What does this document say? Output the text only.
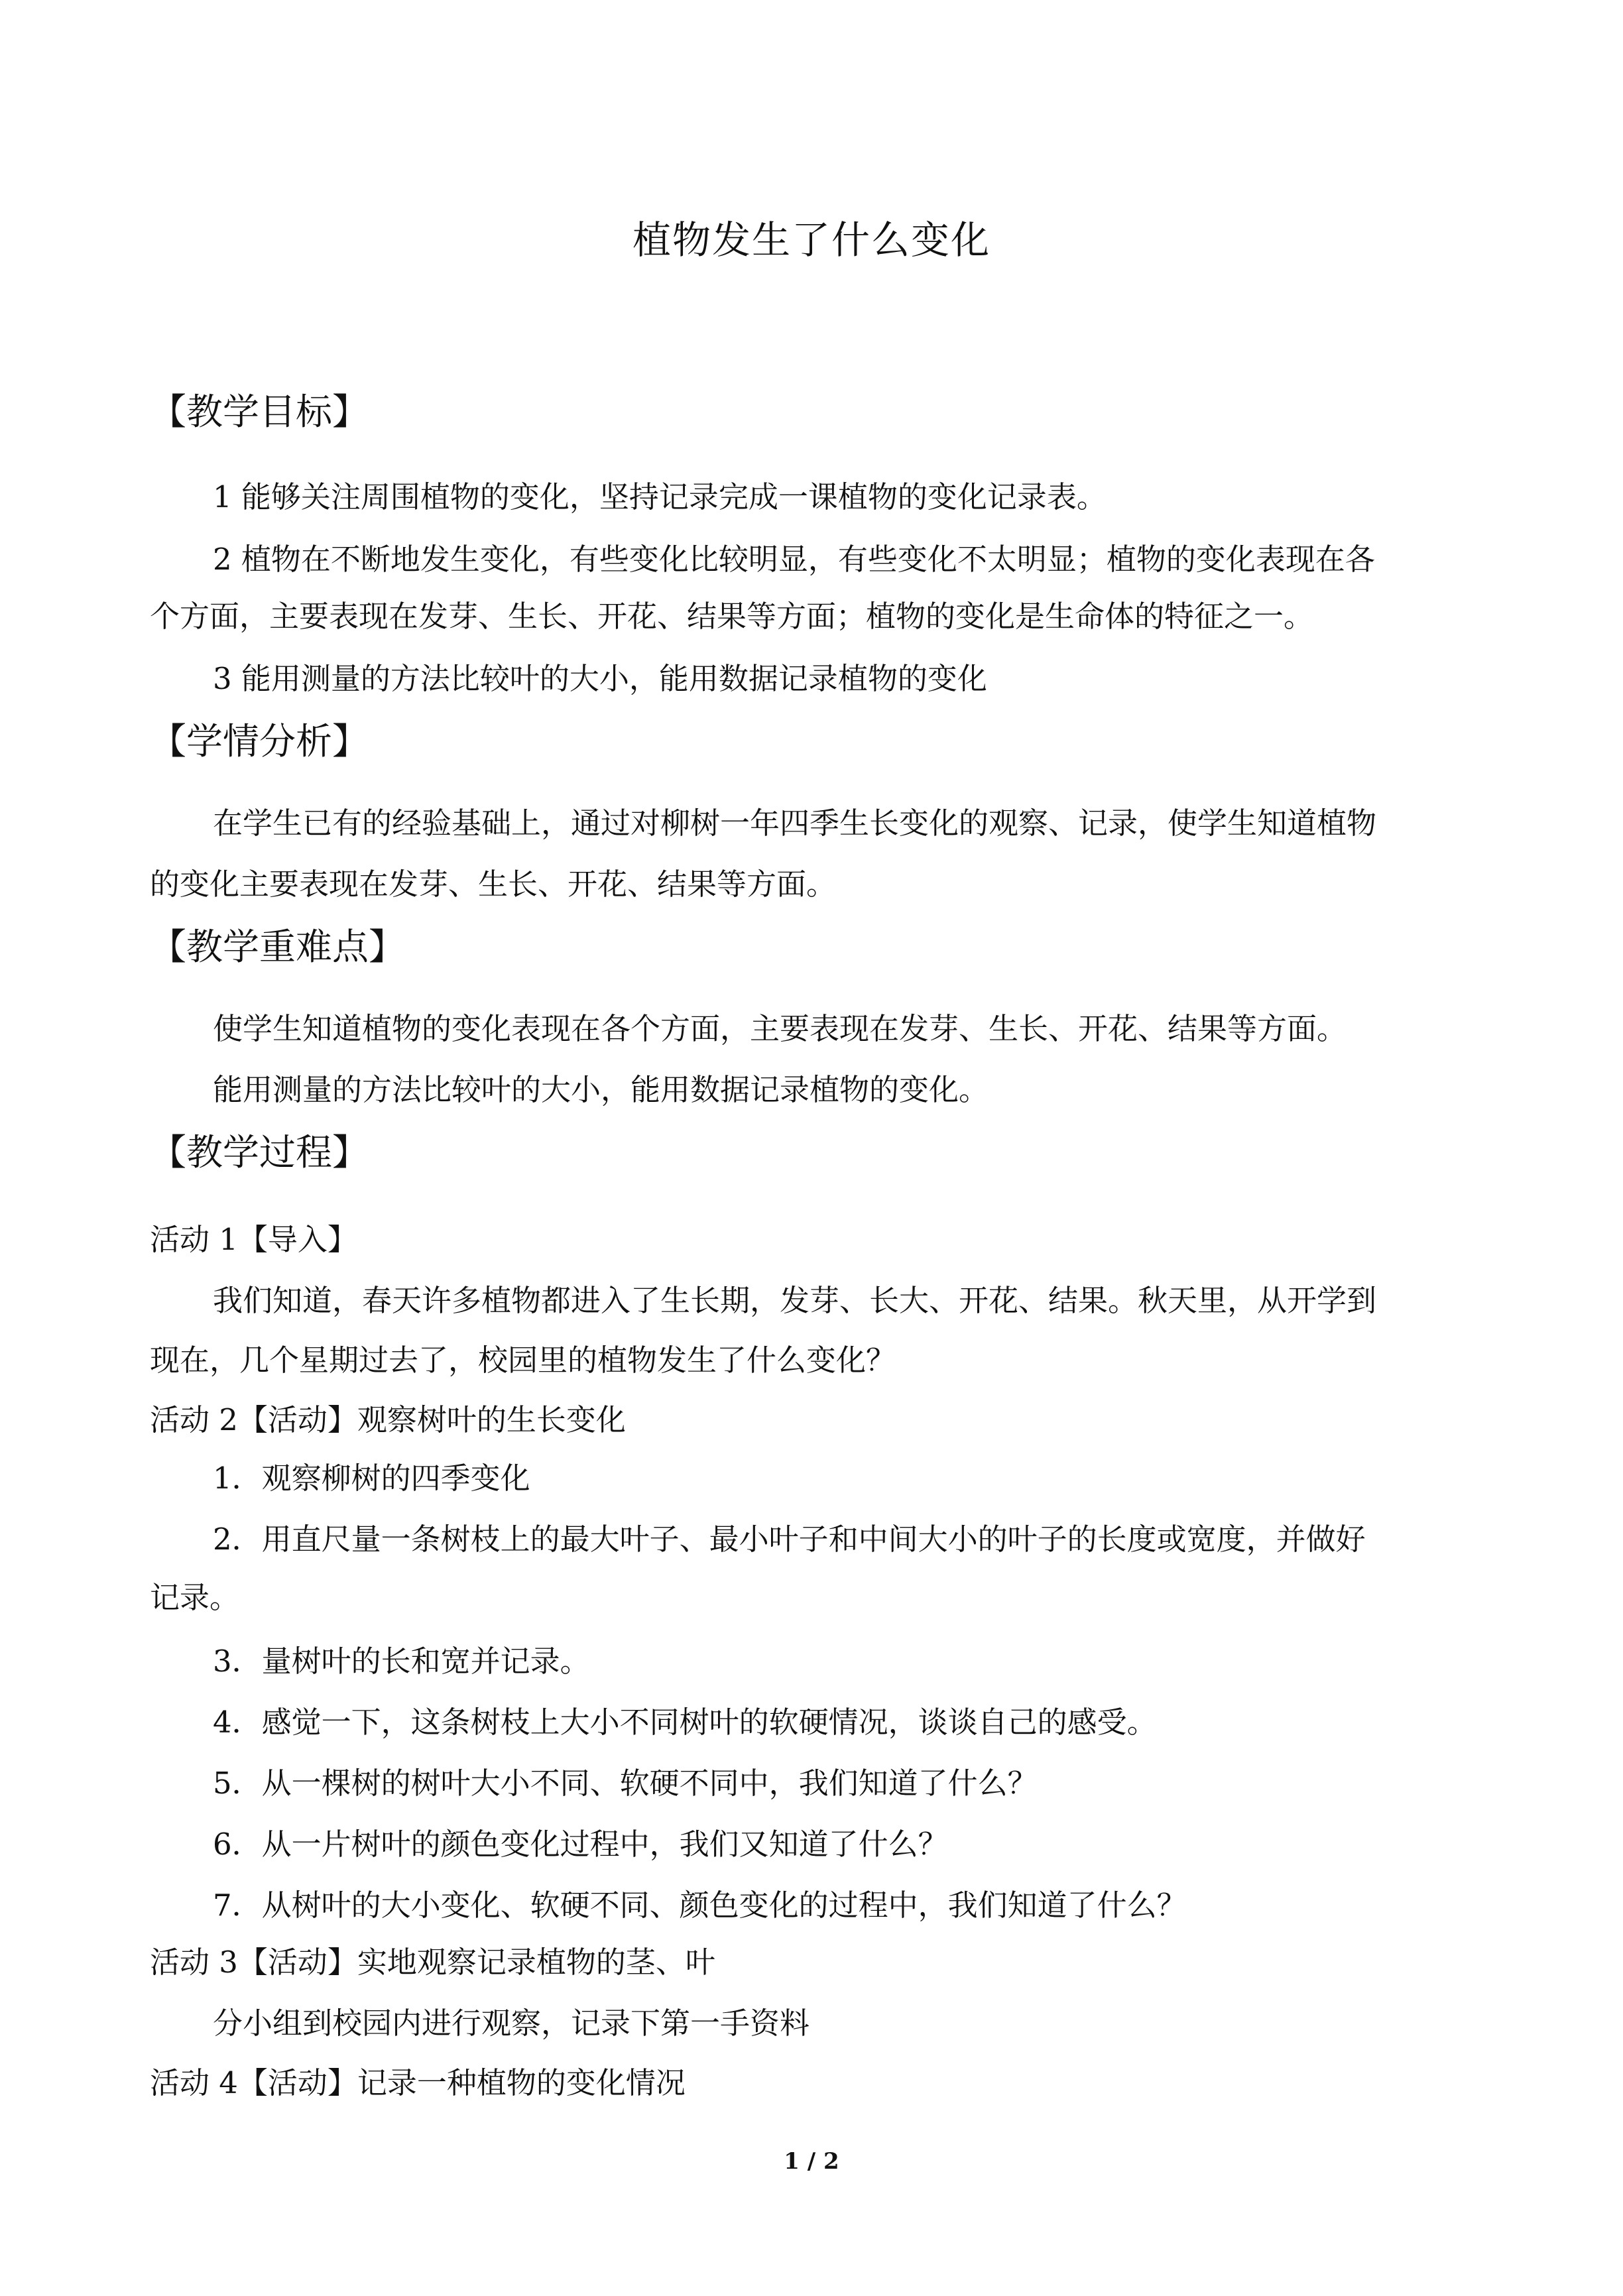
植物发生了什么变化
【教学目标】
1 能够关注周围植物的变化，坚持记录完成一课植物的变化记录表。
2 植物在不断地发生变化，有些变化比较明显，有些变化不太明显；植物的变化表现在各
个方面，主要表现在发芽、生长、开花、结果等方面；植物的变化是生命体的特征之一。
3 能用测量的方法比较叶的大小，能用数据记录植物的变化
【学情分析】
在学生已有的经验基础上，通过对柳树一年四季生长变化的观察、记录，使学生知道植物
的变化主要表现在发芽、生长、开花、结果等方面。
【教学重难点】
使学生知道植物的变化表现在各个方面，主要表现在发芽、生长、开花、结果等方面。
能用测量的方法比较叶的大小，能用数据记录植物的变化。
【教学过程】
活动 1【导入】
我们知道，春天许多植物都进入了生长期，发芽、长大、开花、结果。秋天里，从开学到
现在，几个星期过去了，校园里的植物发生了什么变化？
活动 2【活动】观察树叶的生长变化
1．观察柳树的四季变化
2．用直尺量一条树枝上的最大叶子、最小叶子和中间大小的叶子的长度或宽度，并做好
记录。
3．量树叶的长和宽并记录。
4．感觉一下，这条树枝上大小不同树叶的软硬情况，谈谈自己的感受。
5．从一棵树的树叶大小不同、软硬不同中，我们知道了什么？
6．从一片树叶的颜色变化过程中，我们又知道了什么？
7．从树叶的大小变化、软硬不同、颜色变化的过程中，我们知道了什么？
活动 3【活动】实地观察记录植物的茎、叶
分小组到校园内进行观察，记录下第一手资料
活动 4【活动】记录一种植物的变化情况
1 / 2
